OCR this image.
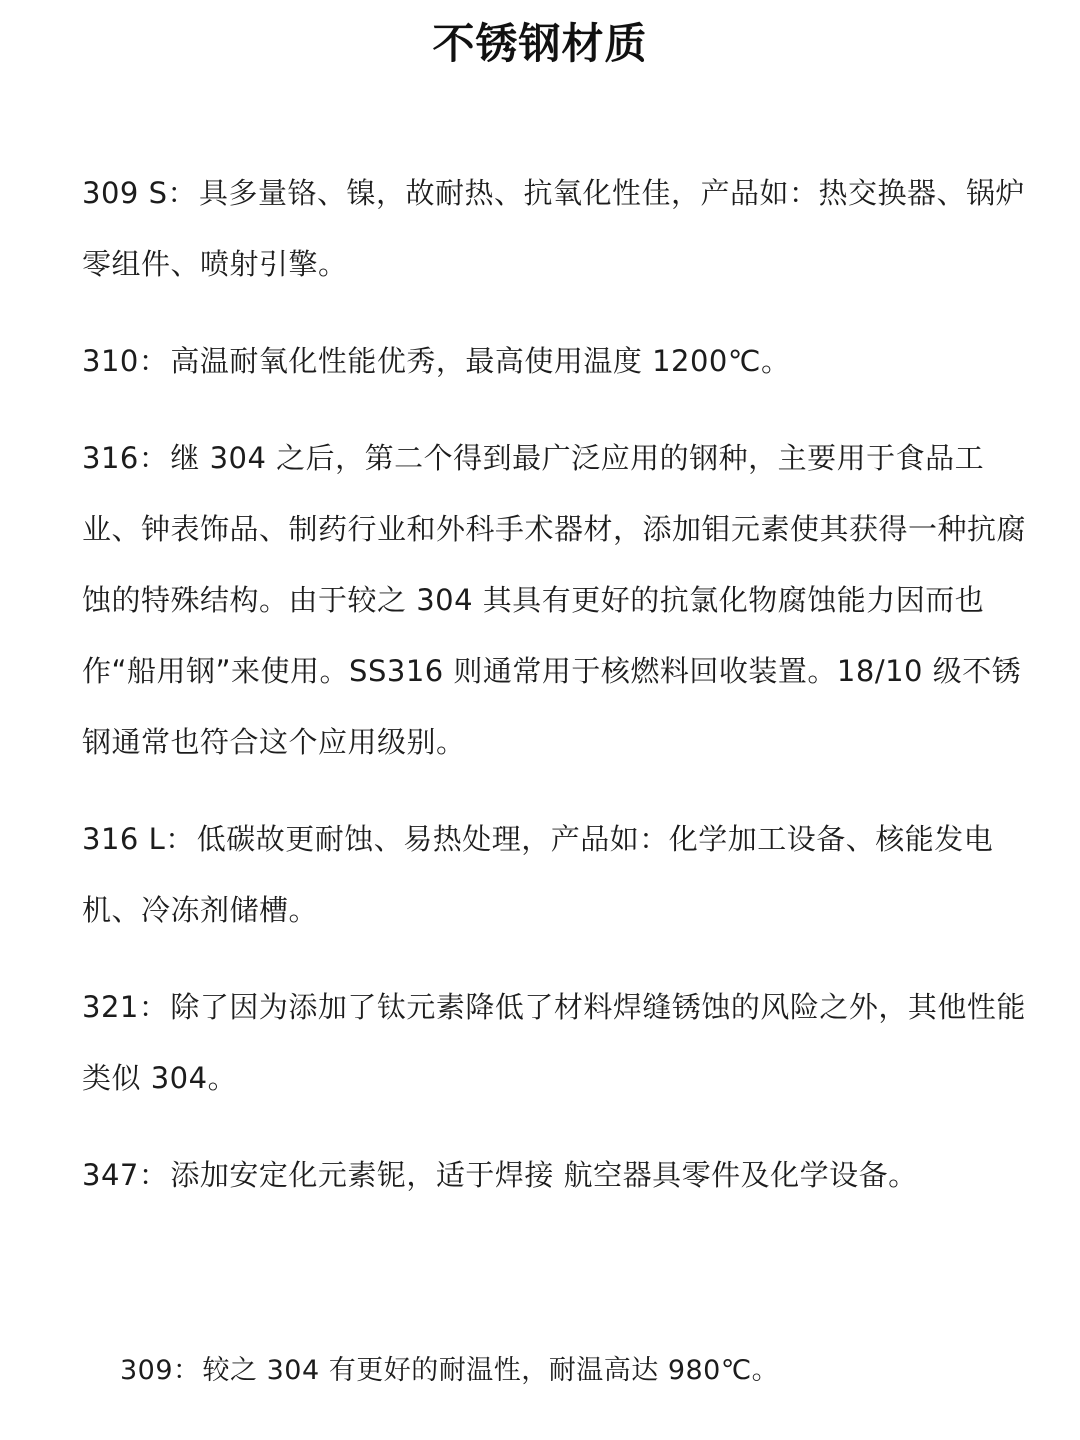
不锈钢材质

309 S：具多量铬、镍，故耐热、抗氧化性佳，产品如：热交换器、锅炉零组件、喷射引擎。

310：高温耐氧化性能优秀，最高使用温度 1200℃。

316：继 304 之后，第二个得到最广泛应用的钢种，主要用于食品工业、钟表饰品、制药行业和外科手术器材，添加钼元素使其获得一种抗腐蚀的特殊结构。由于较之 304 其具有更好的抗氯化物腐蚀能力因而也作“船用钢”来使用。SS316 则通常用于核燃料回收装置。18/10 级不锈钢通常也符合这个应用级别。

316 L：低碳故更耐蚀、易热处理，产品如：化学加工设备、核能发电机、冷冻剂储槽。

321：除了因为添加了钛元素降低了材料焊缝锈蚀的风险之外，其他性能类似 304。

347：添加安定化元素铌，适于焊接 航空器具零件及化学设备。

309：较之 304 有更好的耐温性，耐温高达 980℃。
